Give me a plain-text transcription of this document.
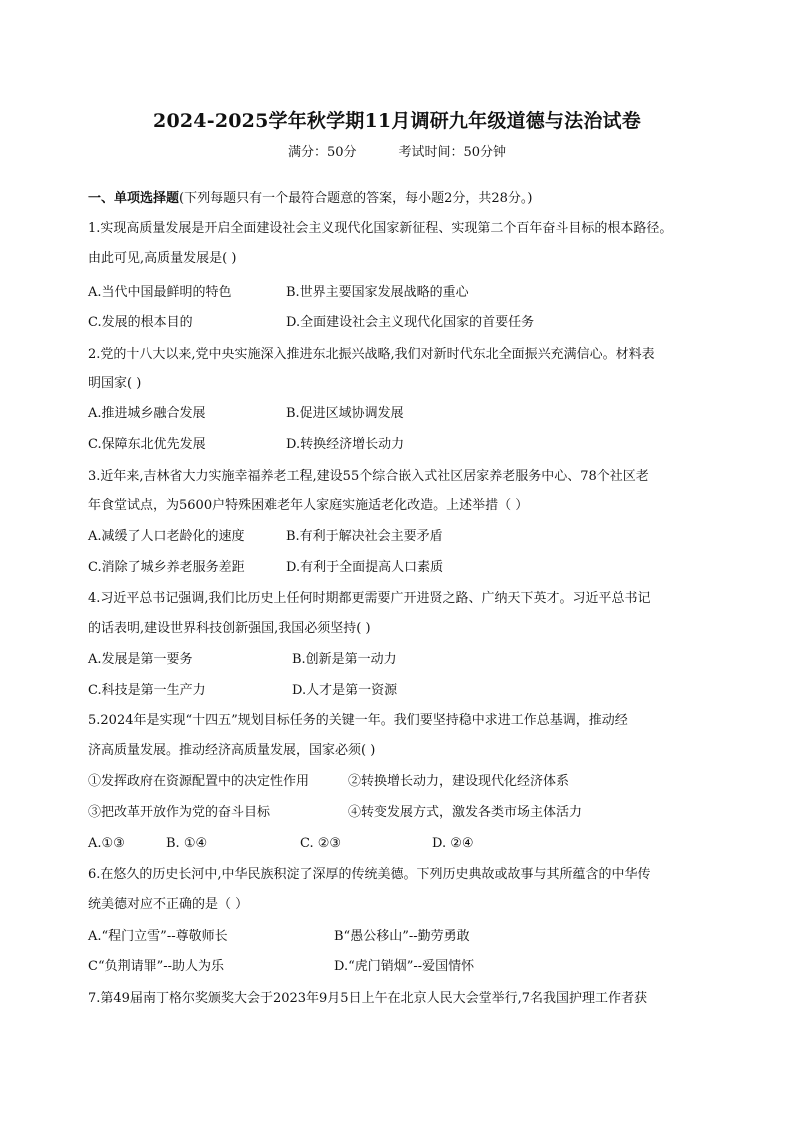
2024-2025学年秋学期11月调研九年级道德与法治试卷
满分：50分	考试时间：50分钟
一、单项选择题(下列每题只有一个最符合题意的答案，每小题2分，共28分。)
1.实现高质量发展是开启全面建设社会主义现代化国家新征程、实现第二个百年奋斗目标的根本路径。
由此可见,高质量发展是( )
A.当代中国最鲜明的特色	B.世界主要国家发展战略的重心
C.发展的根本目的	D.全面建设社会主义现代化国家的首要任务
2.党的十八大以来,党中央实施深入推进东北振兴战略,我们对新时代东北全面振兴充满信心。材料表
明国家( )
A.推进城乡融合发展	B.促进区域协调发展
C.保障东北优先发展	D.转换经济增长动力
3.近年来,吉林省大力实施幸福养老工程,建设55个综合嵌入式社区居家养老服务中心、78个社区老
年食堂试点，为5600户特殊困难老年人家庭实施适老化改造。上述举措（ ）
A.减缓了人口老龄化的速度	B.有利于解决社会主要矛盾
C.消除了城乡养老服务差距	D.有利于全面提高人口素质
4.习近平总书记强调,我们比历史上任何时期都更需要广开进贤之路、广纳天下英才。习近平总书记
的话表明,建设世界科技创新强国,我国必须坚持( )
A.发展是第一要务	B.创新是第一动力
C.科技是第一生产力	D.人才是第一资源
5.2024年是实现“十四五”规划目标任务的关键一年。我们要坚持稳中求进工作总基调，推动经
济高质量发展。推动经济高质量发展，国家必须( )
①发挥政府在资源配置中的决定性作用	②转换增长动力，建设现代化经济体系
③把改革开放作为党的奋斗目标	④转变发展方式，激发各类市场主体活力
A.①③	B. ①④	C. ②③	D. ②④
6.在悠久的历史长河中,中华民族积淀了深厚的传统美德。下列历史典故或故事与其所蕴含的中华传
统美德对应不正确的是（ ）
A.“程门立雪”--尊敬师长	B“愚公移山”--勤劳勇敢
C“负荆请罪”--助人为乐	D.“虎门销烟”--爱国情怀
7.第49届南丁格尔奖颁奖大会于2023年9月5日上午在北京人民大会堂举行,7名我国护理工作者获
